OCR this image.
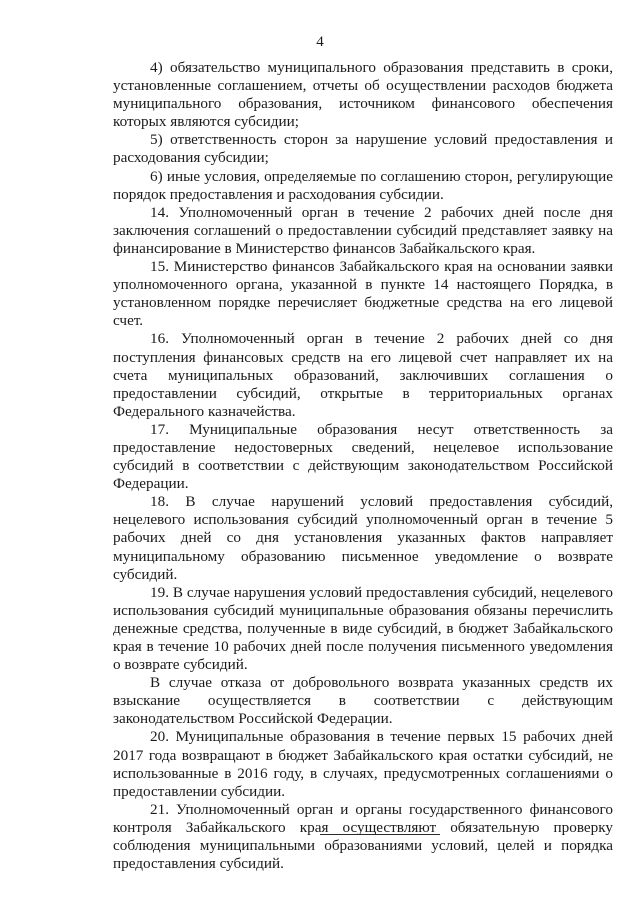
4

4) обязательство муниципального образования представить в сроки, установленные соглашением, отчеты об осуществлении расходов бюджета муниципального образования, источником финансового обеспечения которых являются субсидии;

5) ответственность сторон за нарушение условий предоставления и расходования субсидии;

6) иные условия, определяемые по соглашению сторон, регулирующие порядок предоставления и расходования субсидии.

14. Уполномоченный орган в течение 2 рабочих дней после дня заключения соглашений о предоставлении субсидий представляет заявку на финансирование в Министерство финансов Забайкальского края.

15. Министерство финансов Забайкальского края на основании заявки уполномоченного органа, указанной в пункте 14 настоящего Порядка, в установленном порядке перечисляет бюджетные средства на его лицевой счет.

16. Уполномоченный орган в течение 2 рабочих дней со дня поступления финансовых средств на его лицевой счет направляет их на счета муниципальных образований, заключивших соглашения о предоставлении субсидий, открытые в территориальных органах Федерального казначейства.

17. Муниципальные образования несут ответственность за предоставление недостоверных сведений, нецелевое использование субсидий в соответствии с действующим законодательством Российской Федерации.

18. В случае нарушений условий предоставления субсидий, нецелевого использования субсидий уполномоченный орган в течение 5 рабочих дней со дня установления указанных фактов направляет муниципальному образованию письменное уведомление о возврате субсидий.

19. В случае нарушения условий предоставления субсидий, нецелевого использования субсидий муниципальные образования обязаны перечислить денежные средства, полученные в виде субсидий, в бюджет Забайкальского края в течение 10 рабочих дней после получения письменного уведомления о возврате субсидий.

В случае отказа от добровольного возврата указанных средств их взыскание осуществляется в соответствии с действующим законодательством Российской Федерации.

20. Муниципальные образования в течение первых 15 рабочих дней 2017 года возвращают в бюджет Забайкальского края остатки субсидий, не использованные в 2016 году, в случаях, предусмотренных соглашениями о предоставлении субсидии.

21. Уполномоченный орган и органы государственного финансового контроля Забайкальского края осуществляют обязательную проверку соблюдения муниципальными образованиями условий, целей и порядка предоставления субсидий.
